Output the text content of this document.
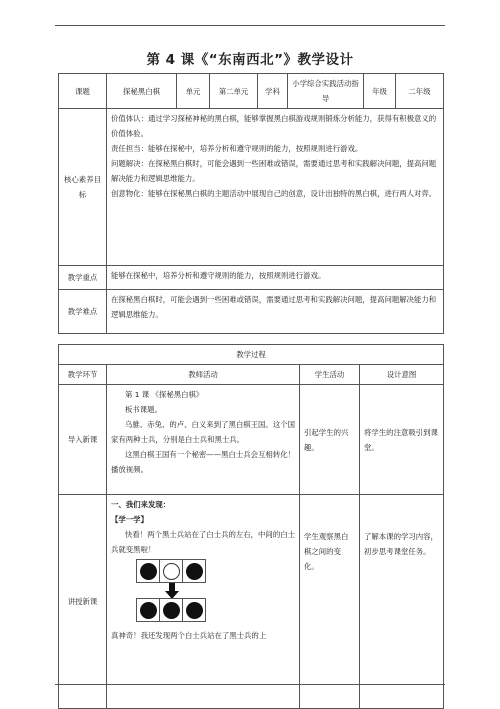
第 4 课《“东南西北”》教学设计
课题	探秘黑白棋	单元	第二单元	学科	小学综合实践活动指导	年级	二年级
核心素养目标	价值体认：通过学习探秘神秘的黑白棋，能够掌握黑白棋游戏规则锻炼分析能力，获得有积极意义的价值体验。

责任担当：能够在探秘中，培养分析和遵守规则的能力，按照规则进行游戏。

问题解决：在探秘黑白棋时，可能会遇到一些困难或错误，需要通过思考和实践解决问题，提高问题解决能力和逻辑思维能力。

创意物化：能够在探秘黑白棋的主题活动中展现自己的创意，设计出独特的黑白棋，进行两人对弈。						

教学重点	能够在探秘中，培养分析和遵守规则的能力，按照规则进行游戏。						
教学难点	在探秘黑白棋时，可能会遇到一些困难或错误，需要通过思考和实践解决问题，提高问题解决能力和逻辑思维能力。						
教学过程			
教学环节	教师活动	学生活动	设计意图
导入新课	第 1 课 《探秘黑白棋》

板书课题。

乌骓、赤兔、的卢、白义来到了黑白棋王国。这个国家有两种士兵，分别是白士兵和黑士兵。

这黑白棋王国有一个秘密——黑白士兵会互相转化！播放视频。	引起学生的兴趣。	将学生的注意吸引到课堂。
讲授新课	一、我们来发现：

【学一学】

快看！两个黑士兵站在了白士兵的左右，中间的白士兵就变黑啦！

真神奇！我还发现两个白士兵站在了黑士兵的上	学生观察黑白棋之间的变化。	了解本课的学习内容，初步思考课堂任务。
